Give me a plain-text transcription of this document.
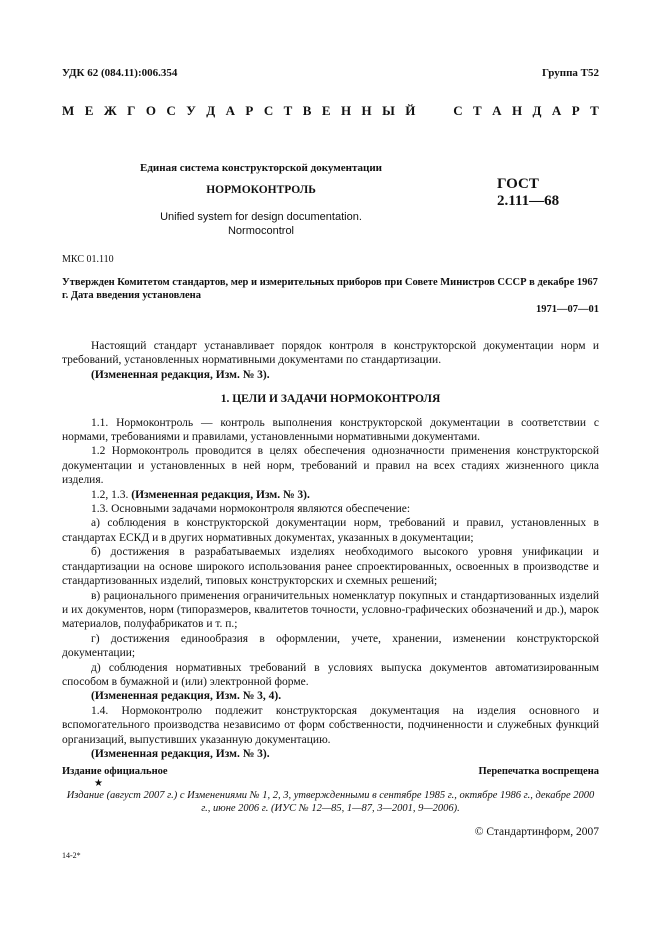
УДК 62 (084.11):006.354	Группа Т52
М Е Ж Г О С У Д А Р С Т В Е Н Н Ы Й

	С Т А Н Д А Р Т
Единая система конструкторской документации
НОРМОКОНТРОЛЬ
Unified system for design documentation.
Normocontrol
ГОСТ
2.111—68
МКС 01.110
Утвержден Комитетом стандартов, мер и измерительных приборов при Совете Министров СССР в декабре 1967 г. Дата введения установлена
1971—07—01

Настоящий стандарт устанавливает порядок контроля в конструкторской документации норм и требований, установленных нормативными документами по стандартизации.

(Измененная редакция, Изм. № 3).

1. ЦЕЛИ И ЗАДАЧИ НОРМОКОНТРОЛЯ

1.1. Нормоконтроль — контроль выполнения конструкторской документации в соответствии с нормами, требованиями и правилами, установленными нормативными документами.

1.2 Нормоконтроль проводится в целях обеспечения однозначности применения конструкторской документации и установленных в ней норм, требований и правил на всех стадиях жизненного цикла изделия.

1.2, 1.3. (Измененная редакция, Изм. № 3).

1.3. Основными задачами нормоконтроля являются обеспечение:

а) соблюдения в конструкторской документации норм, требований и правил, установленных в стандартах ЕСКД и в других нормативных документах, указанных в документации;

б) достижения в разрабатываемых изделиях необходимого высокого уровня унификации и стандартизации на основе широкого использования ранее спроектированных, освоенных в производстве и стандартизованных изделий, типовых конструкторских и схемных решений;

в) рационального применения ограничительных номенклатур покупных и стандартизованных изделий и их документов, норм (типоразмеров, квалитетов точности, условно-графических обозначений и др.), марок материалов, полуфабрикатов и т. п.;

г) достижения единообразия в оформлении, учете, хранении, изменении конструкторской документации;

д) соблюдения нормативных требований в условиях выпуска документов автоматизированным способом в бумажной и (или) электронной форме.

(Измененная редакция, Изм. № 3, 4).

1.4. Нормоконтролю подлежит конструкторская документация на изделия основного и вспомогательного производства независимо от форм собственности, подчиненности и служебных функций организаций, выпустивших указанную документацию.

(Измененная редакция, Изм. № 3).

Издание официальное
★
Перепечатка воспрещена
Издание (август 2007 г.) с Изменениями № 1, 2, 3, утвержденными в сентябре 1985 г., октябре 1986 г., декабре 2000 г., июне 2006 г. (ИУС № 12—85, 1—87, 3—2001, 9—2006).
© Стандартинформ, 2007
14-2*
